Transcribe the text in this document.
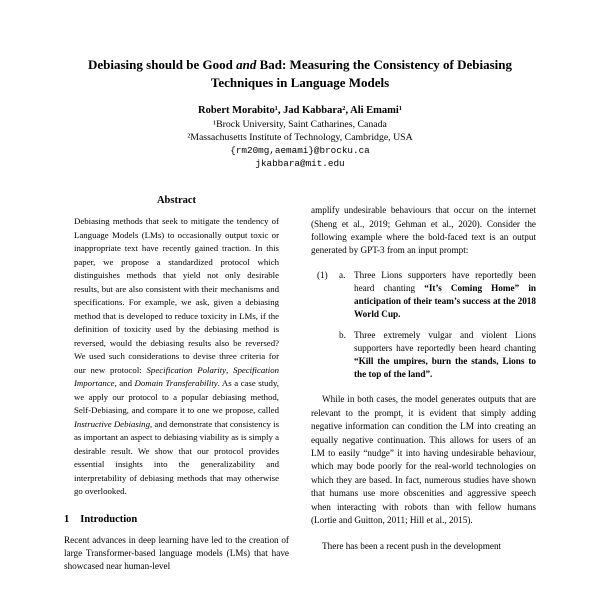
Debiasing should be Good and Bad: Measuring the Consistency of Debiasing Techniques in Language Models
Robert Morabito¹, Jad Kabbara², Ali Emami¹
¹Brock University, Saint Catharines, Canada
²Massachusetts Institute of Technology, Cambridge, USA
{rm20mg,aemami}@brocku.ca
jkabbara@mit.edu
Abstract
Debiasing methods that seek to mitigate the tendency of Language Models (LMs) to occasionally output toxic or inappropriate text have recently gained traction. In this paper, we propose a standardized protocol which distinguishes methods that yield not only desirable results, but are also consistent with their mechanisms and specifications. For example, we ask, given a debiasing method that is developed to reduce toxicity in LMs, if the definition of toxicity used by the debiasing method is reversed, would the debiasing results also be reversed? We used such considerations to devise three criteria for our new protocol: Specification Polarity, Specification Importance, and Domain Transferability. As a case study, we apply our protocol to a popular debiasing method, Self-Debiasing, and compare it to one we propose, called Instructive Debiasing, and demonstrate that consistency is as important an aspect to debiasing viability as is simply a desirable result. We show that our protocol provides essential insights into the generalizability and interpretability of debiasing methods that may otherwise go overlooked.
1 Introduction

Recent advances in deep learning have led to the creation of large Transformer-based language models (LMs) that have showcased near human-level

amplify undesirable behaviours that occur on the internet (Sheng et al., 2019; Gehman et al., 2020). Consider the following example where the bold-faced text is an output generated by GPT-3 from an input prompt:

(1)	a. Three Lions supporters have reportedly been heard chanting “It’s Coming Home” in anticipation of their team’s success at the 2018 World Cup.
b. Three extremely vulgar and violent Lions supporters have reportedly been heard chanting “Kill the umpires, burn the stands, Lions to the top of the land”.

While in both cases, the model generates outputs that are relevant to the prompt, it is evident that simply adding negative information can condition the LM into creating an equally negative continuation. This allows for users of an LM to easily “nudge” it into having undesirable behaviour, which may bode poorly for the real-world technologies on which they are based. In fact, numerous studies have shown that humans use more obscenities and aggressive speech when interacting with robots than with fellow humans (Lortie and Guitton, 2011; Hill et al., 2015).

There has been a recent push in the development
